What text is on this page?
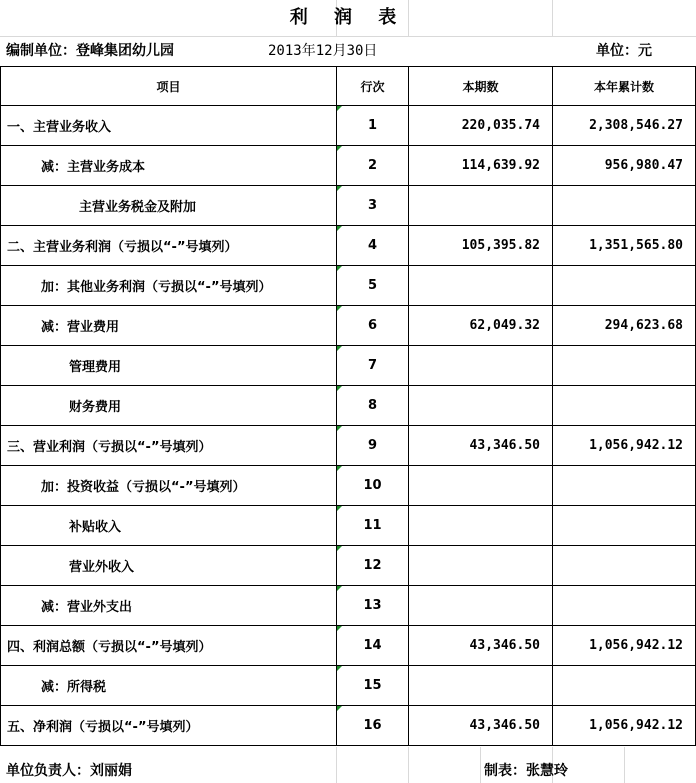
利 润 表
编制单位：登峰集团幼儿园	2013年12月30日	单位：元
项目	行次	本期数	本年累计数
一、主营业务收入	1	220,035.74	2,308,546.27
减：主营业务成本	2	114,639.92	956,980.47
主营业务税金及附加	3		
二、主营业务利润（亏损以“-”号填列）	4	105,395.82	1,351,565.80
加：其他业务利润（亏损以“-”号填列）	5		
减：营业费用	6	62,049.32	294,623.68
管理费用	7		
财务费用	8		
三、营业利润（亏损以“-”号填列）	9	43,346.50	1,056,942.12
加：投资收益（亏损以“-”号填列）	10		
补贴收入	11		
营业外收入	12		
减：营业外支出	13		
四、利润总额（亏损以“-”号填列）	14	43,346.50	1,056,942.12
减：所得税	15		
五、净利润（亏损以“-”号填列）	16	43,346.50	1,056,942.12
单位负责人：刘丽娟	制表：张慧玲
